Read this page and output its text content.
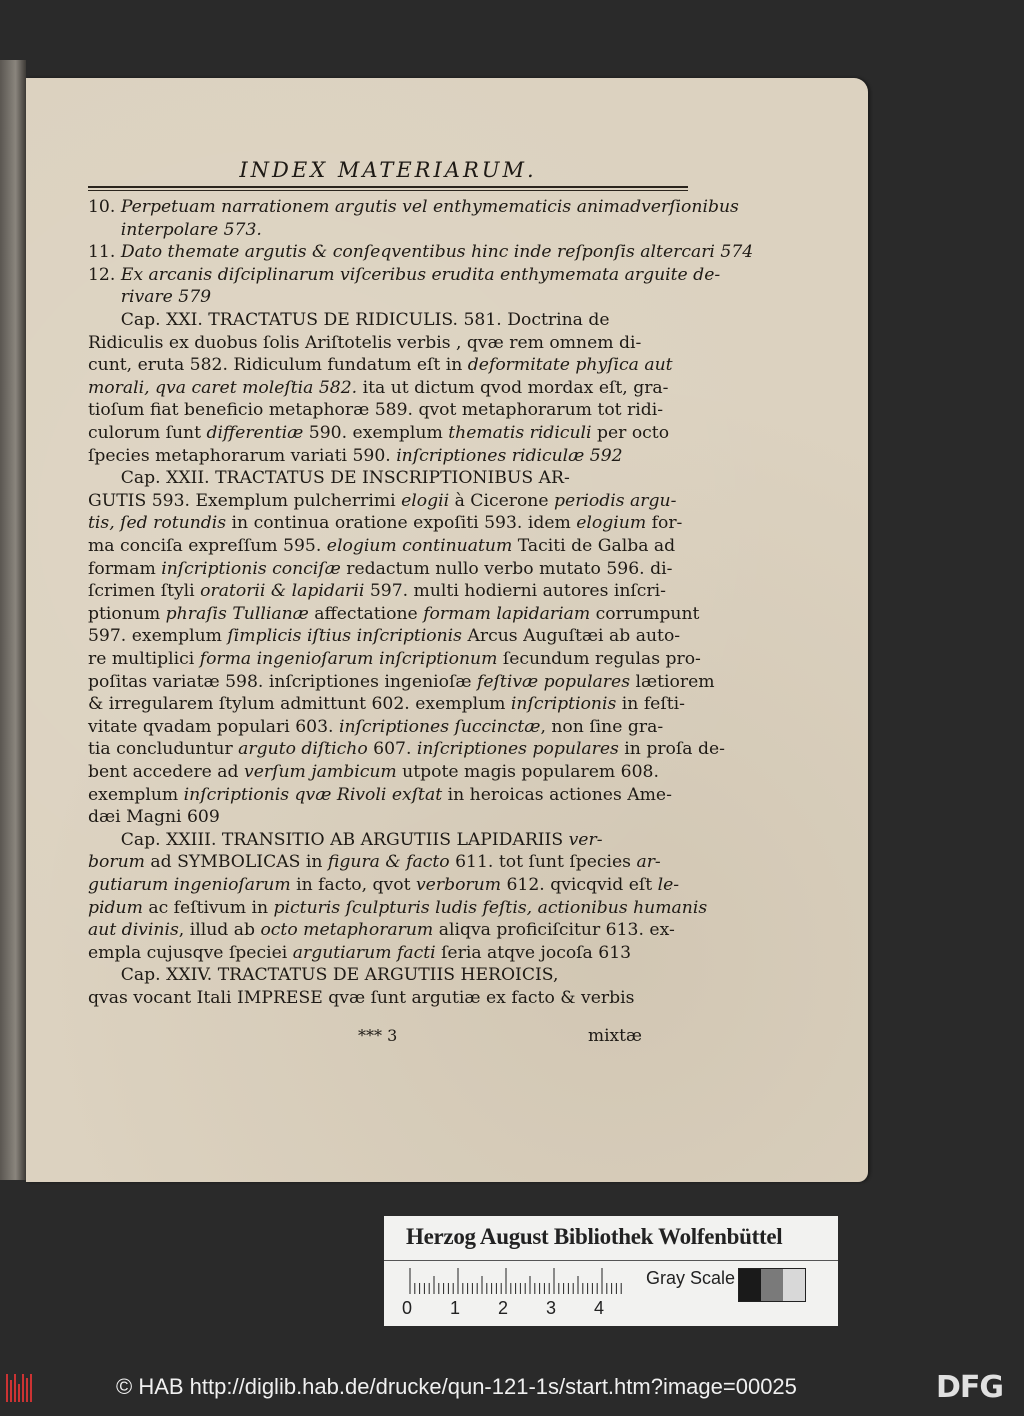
INDEX MATERIARUM.
10. Perpetuam narrationem argutis vel enthymematicis animadverſionibus
interpolare 573.
11. Dato themate argutis & conſeqventibus hinc inde reſponſis altercari 574
12. Ex arcanis diſciplinarum viſceribus erudita enthymemata arguite de-
rivare 579
Cap. XXI. TRACTATUS DE RIDICULIS. 581. Doctrina de
Ridiculis ex duobus ſolis Ariſtotelis verbis , qvæ rem omnem di-
cunt, eruta 582. Ridiculum fundatum eſt in deformitate phyſica aut
morali, qva caret moleſtia 582. ita ut dictum qvod mordax eſt, gra-
tioſum fiat beneficio metaphoræ 589. qvot metaphorarum tot ridi-
culorum ſunt differentiæ 590. exemplum thematis ridiculi per octo
ſpecies metaphorarum variati 590. inſcriptiones ridiculæ 592
Cap. XXII. TRACTATUS DE INSCRIPTIONIBUS AR-
GUTIS 593. Exemplum pulcherrimi elogii à Cicerone periodis argu-
tis, ſed rotundis in continua oratione expoſiti 593. idem elogium for-
ma conciſa expreſſum 595. elogium continuatum Taciti de Galba ad
formam inſcriptionis conciſæ redactum nullo verbo mutato 596. di-
ſcrimen ſtyli oratorii & lapidarii 597. multi hodierni autores inſcri-
ptionum phraſis Tullianæ affectatione formam lapidariam corrumpunt
597. exemplum ſimplicis iſtius inſcriptionis Arcus Auguſtæi ab auto-
re multiplici forma ingenioſarum inſcriptionum ſecundum regulas pro-
poſitas variatæ 598. inſcriptiones ingenioſæ feſtivæ populares lætiorem
& irregularem ſtylum admittunt 602. exemplum inſcriptionis in feſti-
vitate qvadam populari 603. inſcriptiones ſuccinctæ, non ſine gra-
tia concluduntur arguto diſticho 607. inſcriptiones populares in proſa de-
bent accedere ad verſum jambicum utpote magis popularem 608.
exemplum inſcriptionis qvæ Rivoli exſtat in heroicas actiones Ame-
dæi Magni 609
Cap. XXIII. TRANSITIO AB ARGUTIIS LAPIDARIIS ver-
borum ad SYMBOLICAS in figura & facto 611. tot ſunt ſpecies ar-
gutiarum ingenioſarum in facto, qvot verborum 612. qvicqvid eſt le-
pidum ac feſtivum in picturis ſculpturis ludis feſtis, actionibus humanis
aut divinis, illud ab octo metaphorarum aliqva proficiſcitur 613. ex-
empla cujusqve ſpeciei argutiarum facti ſeria atqve jocoſa 613
Cap. XXIV. TRACTATUS DE ARGUTIIS HEROICIS,
qvas vocant Itali IMPRESE qvæ ſunt argutiæ ex facto & verbis
*** 3	mixtæ
Herzog August Bibliothek Wolfenbüttel
0 1 2 3 4
Gray Scale
© HAB http://diglib.hab.de/drucke/qun-121-1s/start.htm?image=00025	DFG
